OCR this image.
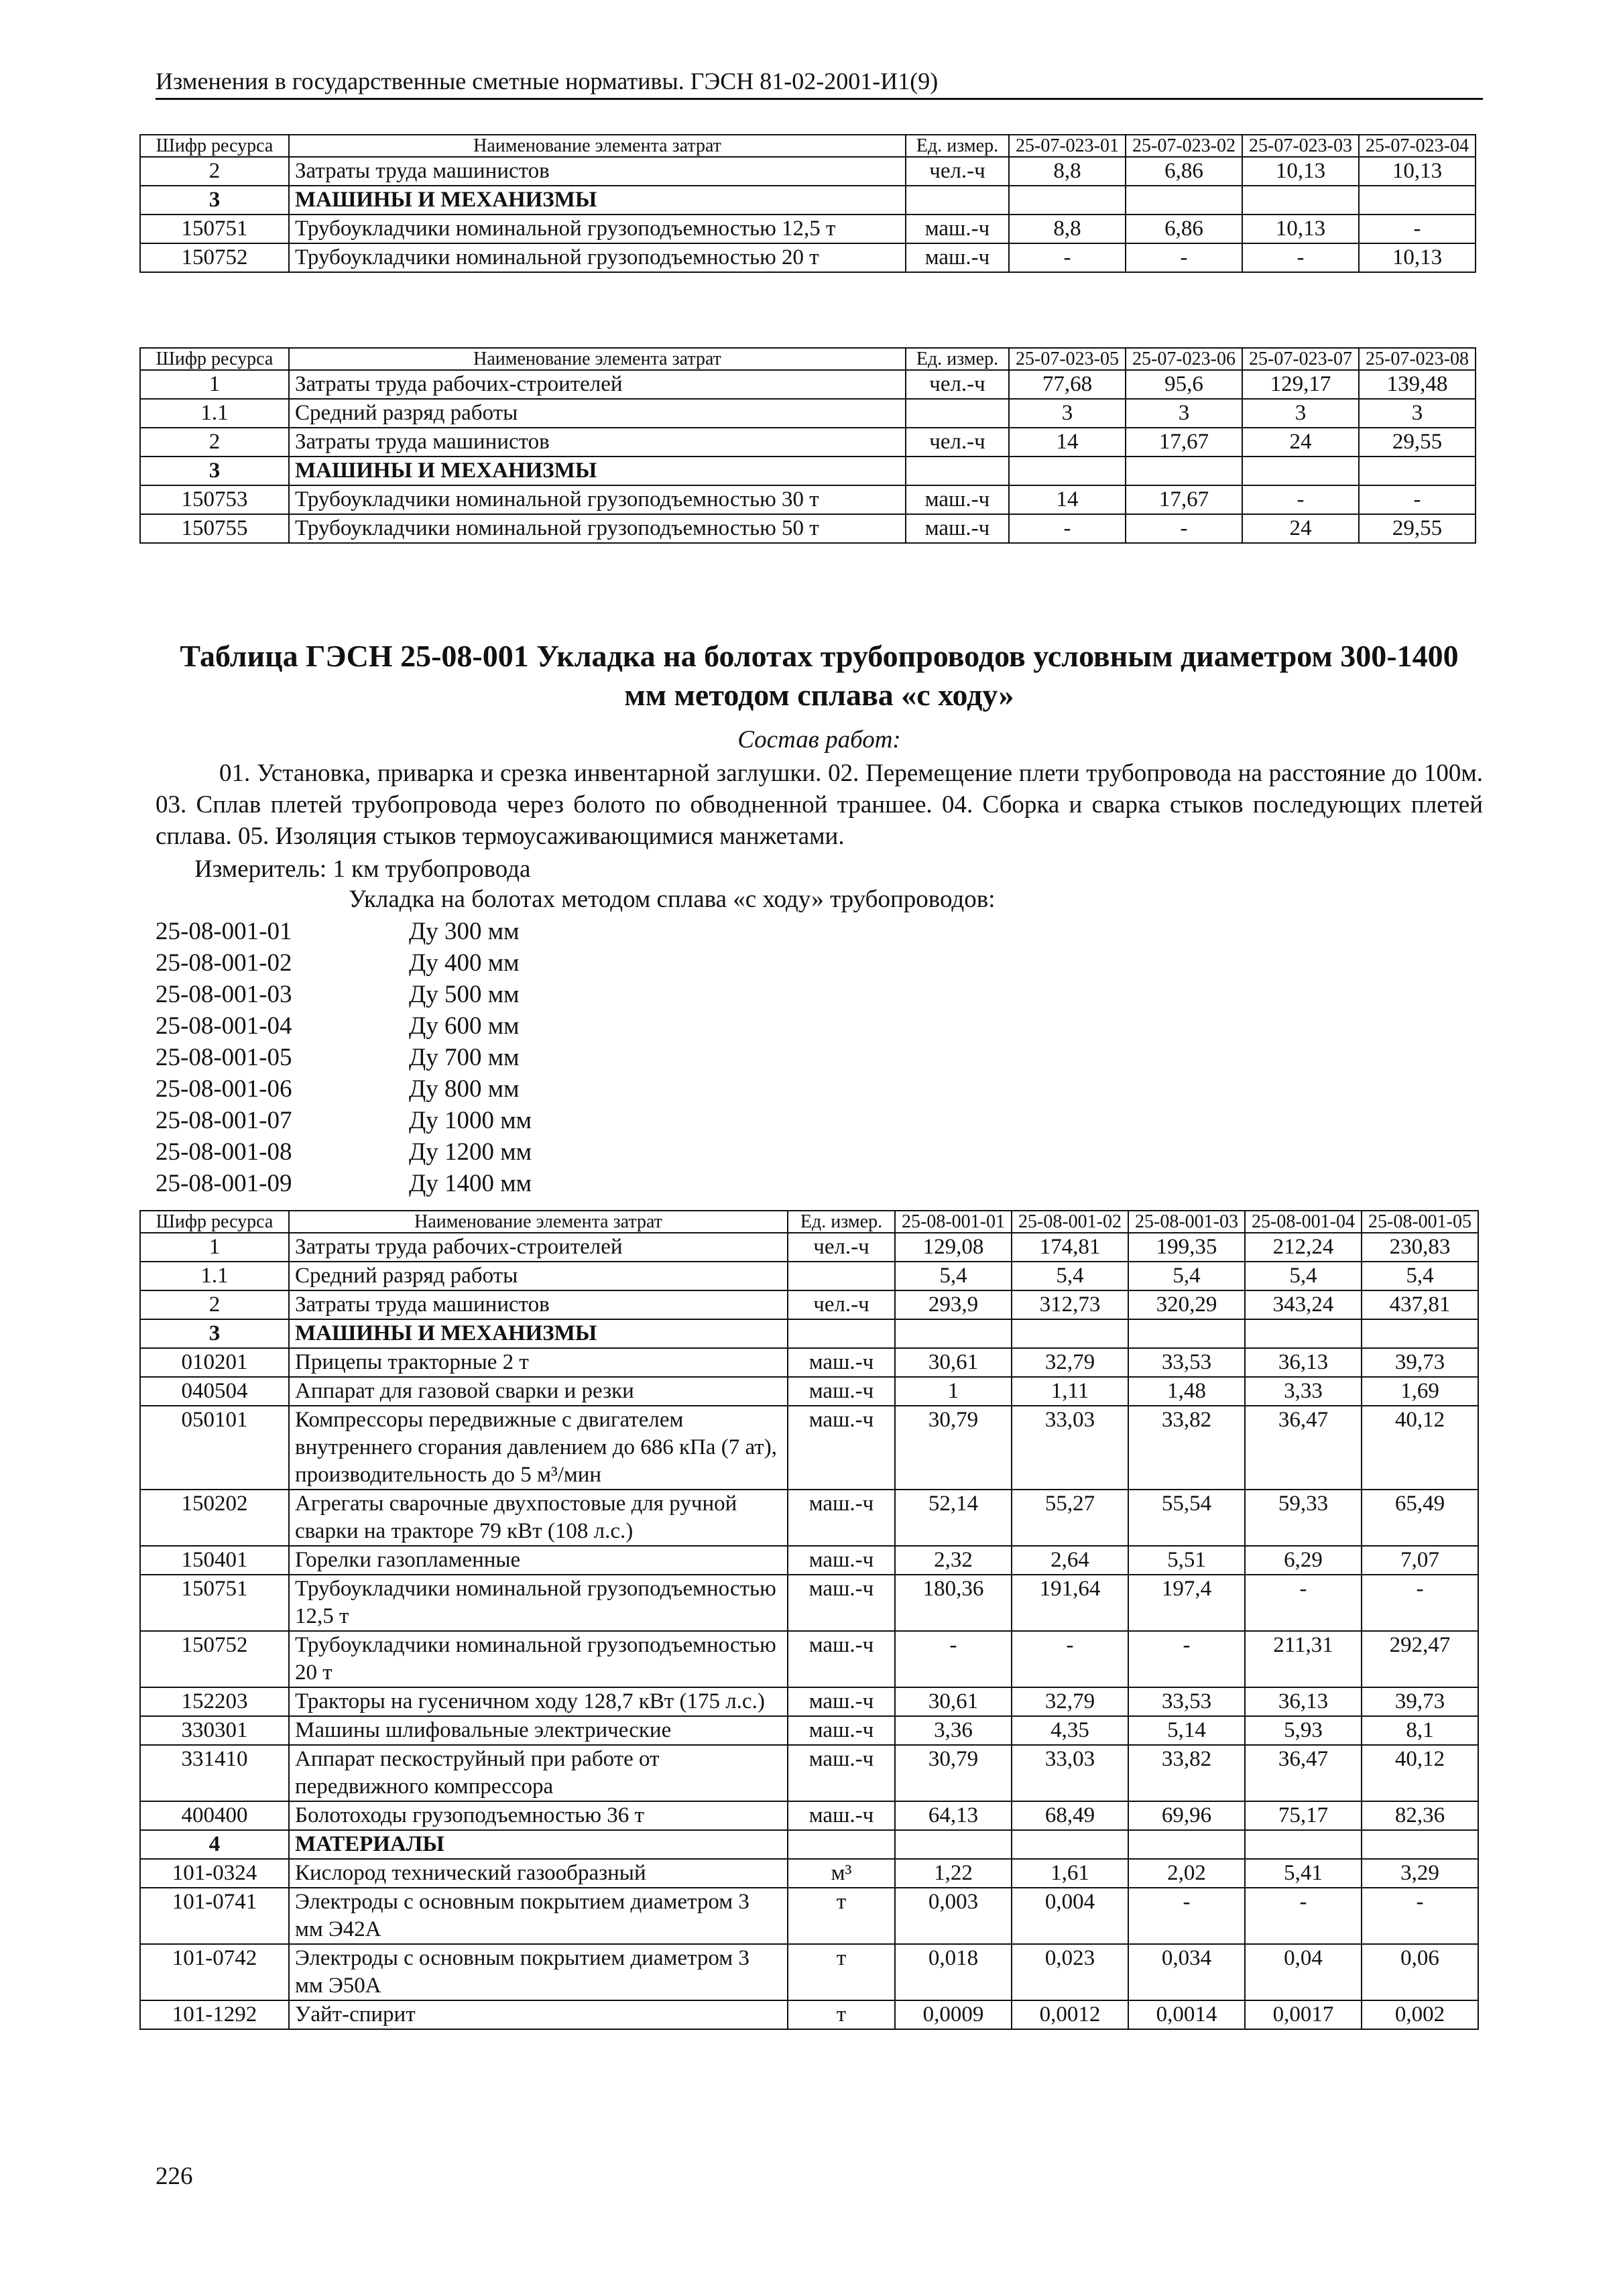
Изменения в государственные сметные нормативы. ГЭСН 81-02-2001-И1(9)
Шифр ресурса	Наименование элемента затрат	Ед. измер.	25-07-023-01	25-07-023-02	25-07-023-03	25-07-023-04
2	Затраты труда машинистов	чел.-ч	8,8	6,86	10,13	10,13
3	МАШИНЫ И МЕХАНИЗМЫ					
150751	Трубоукладчики номинальной грузоподъемностью 12,5 т	маш.-ч	8,8	6,86	10,13	-
150752	Трубоукладчики номинальной грузоподъемностью 20 т	маш.-ч	-	-	-	10,13
Шифр ресурса	Наименование элемента затрат	Ед. измер.	25-07-023-05	25-07-023-06	25-07-023-07	25-07-023-08
1	Затраты труда рабочих-строителей	чел.-ч	77,68	95,6	129,17	139,48
1.1	Средний разряд работы		3	3	3	3
2	Затраты труда машинистов	чел.-ч	14	17,67	24	29,55
3	МАШИНЫ И МЕХАНИЗМЫ					
150753	Трубоукладчики номинальной грузоподъемностью 30 т	маш.-ч	14	17,67	-	-
150755	Трубоукладчики номинальной грузоподъемностью 50 т	маш.-ч	-	-	24	29,55
Таблица ГЭСН 25-08-001 Укладка на болотах трубопроводов условным диаметром 300-1400 мм методом сплава «с ходу»
Состав работ:
01. Установка, приварка и срезка инвентарной заглушки. 02. Перемещение плети трубопровода на расстояние до 100м. 03. Сплав плетей трубопровода через болото по обводненной траншее. 04. Сборка и сварка стыков последующих плетей сплава. 05. Изоляция стыков термоусаживающимися манжетами.
Измеритель: 1 км трубопровода
Укладка на болотах методом сплава «с ходу» трубопроводов:
25-08-001-01	Ду 300 мм
25-08-001-02	Ду 400 мм
25-08-001-03	Ду 500 мм
25-08-001-04	Ду 600 мм
25-08-001-05	Ду 700 мм
25-08-001-06	Ду 800 мм
25-08-001-07	Ду 1000 мм
25-08-001-08	Ду 1200 мм
25-08-001-09	Ду 1400 мм
Шифр ресурса	Наименование элемента затрат	Ед. измер.	25-08-001-01	25-08-001-02	25-08-001-03	25-08-001-04	25-08-001-05
1	Затраты труда рабочих-строителей	чел.-ч	129,08	174,81	199,35	212,24	230,83
1.1	Средний разряд работы		5,4	5,4	5,4	5,4	5,4
2	Затраты труда машинистов	чел.-ч	293,9	312,73	320,29	343,24	437,81
3	МАШИНЫ И МЕХАНИЗМЫ						
010201	Прицепы тракторные 2 т	маш.-ч	30,61	32,79	33,53	36,13	39,73
040504	Аппарат для газовой сварки и резки	маш.-ч	1	1,11	1,48	3,33	1,69
050101	Компрессоры передвижные с двигателем внутреннего сгорания давлением до 686 кПа (7 ат), производительность до 5 м³/мин	маш.-ч	30,79	33,03	33,82	36,47	40,12
150202	Агрегаты сварочные двухпостовые для ручной сварки на тракторе 79 кВт (108 л.с.)	маш.-ч	52,14	55,27	55,54	59,33	65,49
150401	Горелки газопламенные	маш.-ч	2,32	2,64	5,51	6,29	7,07
150751	Трубоукладчики номинальной грузоподъемностью 12,5 т	маш.-ч	180,36	191,64	197,4	-	-
150752	Трубоукладчики номинальной грузоподъемностью 20 т	маш.-ч	-	-	-	211,31	292,47
152203	Тракторы на гусеничном ходу 128,7 кВт (175 л.с.)	маш.-ч	30,61	32,79	33,53	36,13	39,73
330301	Машины шлифовальные электрические	маш.-ч	3,36	4,35	5,14	5,93	8,1
331410	Аппарат пескоструйный при работе от передвижного компрессора	маш.-ч	30,79	33,03	33,82	36,47	40,12
400400	Болотоходы грузоподъемностью 36 т	маш.-ч	64,13	68,49	69,96	75,17	82,36
4	МАТЕРИАЛЫ						
101-0324	Кислород технический газообразный	м³	1,22	1,61	2,02	5,41	3,29
101-0741	Электроды с основным покрытием диаметром 3 мм Э42А	т	0,003	0,004	-	-	-
101-0742	Электроды с основным покрытием диаметром 3 мм Э50А	т	0,018	0,023	0,034	0,04	0,06
101-1292	Уайт-спирит	т	0,0009	0,0012	0,0014	0,0017	0,002
226
